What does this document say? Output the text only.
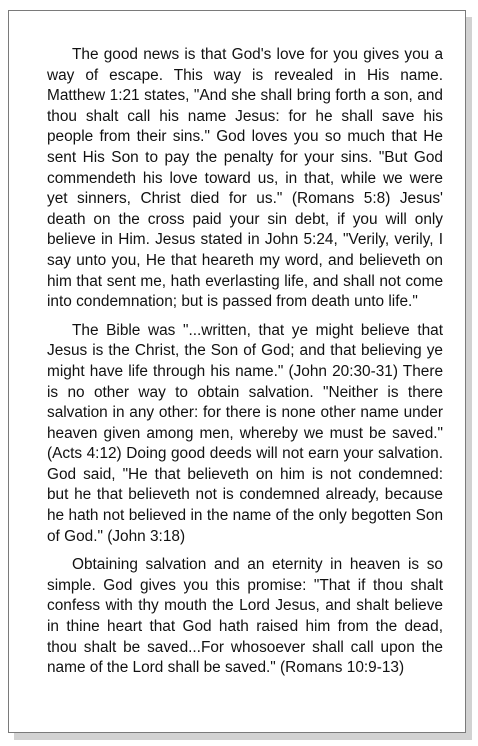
The good news is that God's love for you gives you a way of escape. This way is revealed in His name. Matthew 1:21 states, "And she shall bring forth a son, and thou shalt call his name Jesus: for he shall save his people from their sins." God loves you so much that He sent His Son to pay the penalty for your sins. "But God commendeth his love toward us, in that, while we were yet sinners, Christ died for us." (Romans 5:8) Jesus' death on the cross paid your sin debt, if you will only believe in Him. Jesus stated in John 5:24, "Verily, verily, I say unto you, He that heareth my word, and believeth on him that sent me, hath everlasting life, and shall not come into condemnation; but is passed from death unto life."

The Bible was "...written, that ye might believe that Jesus is the Christ, the Son of God; and that believing ye might have life through his name." (John 20:30-31) There is no other way to obtain salvation. "Neither is there salvation in any other: for there is none other name under heaven given among men, whereby we must be saved." (Acts 4:12) Doing good deeds will not earn your salvation. God said, "He that believeth on him is not condemned: but he that believeth not is condemned already, because he hath not believed in the name of the only begotten Son of God." (John 3:18)

Obtaining salvation and an eternity in heaven is so simple. God gives you this promise: "That if thou shalt confess with thy mouth the Lord Jesus, and shalt believe in thine heart that God hath raised him from the dead, thou shalt be saved...For whosoever shall call upon the name of the Lord shall be saved." (Romans 10:9-13)
